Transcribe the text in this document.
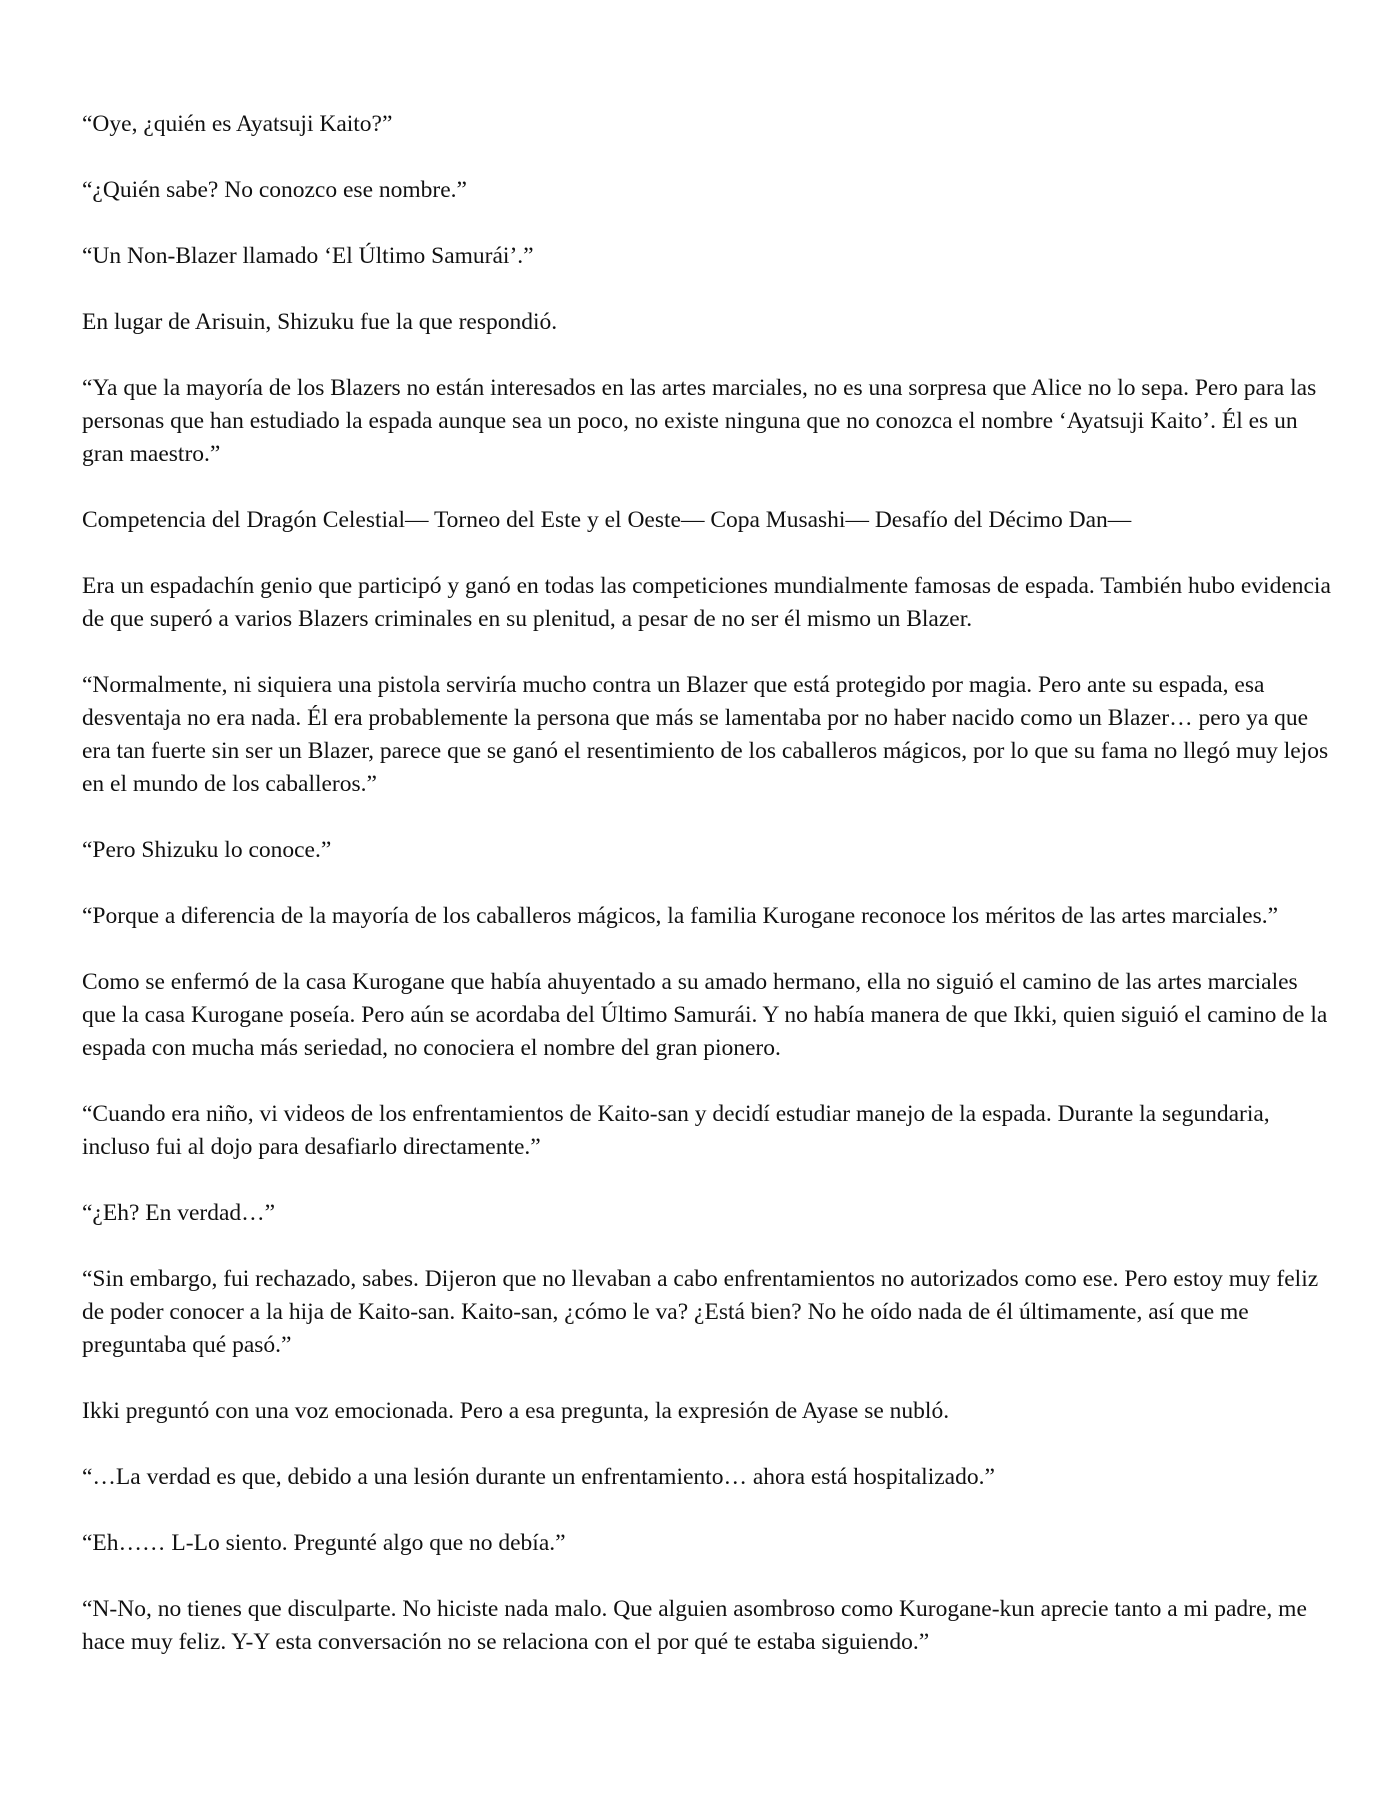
“Oye, ¿quién es Ayatsuji Kaito?”

“¿Quién sabe? No conozco ese nombre.”

“Un Non-Blazer llamado ‘El Último Samurái’.”

En lugar de Arisuin, Shizuku fue la que respondió.

“Ya que la mayoría de los Blazers no están interesados en las artes marciales, no es una sorpresa que Alice no lo sepa. Pero para las personas que han estudiado la espada aunque sea un poco, no existe ninguna que no conozca el nombre ‘Ayatsuji Kaito’. Él es un gran maestro.”

Competencia del Dragón Celestial— Torneo del Este y el Oeste— Copa Musashi— Desafío del Décimo Dan—

Era un espadachín genio que participó y ganó en todas las competiciones mundialmente famosas de espada. También hubo evidencia de que superó a varios Blazers criminales en su plenitud, a pesar de no ser él mismo un Blazer.

“Normalmente, ni siquiera una pistola serviría mucho contra un Blazer que está protegido por magia. Pero ante su espada, esa desventaja no era nada. Él era probablemente la persona que más se lamentaba por no haber nacido como un Blazer… pero ya que era tan fuerte sin ser un Blazer, parece que se ganó el resentimiento de los caballeros mágicos, por lo que su fama no llegó muy lejos en el mundo de los caballeros.”

“Pero Shizuku lo conoce.”

“Porque a diferencia de la mayoría de los caballeros mágicos, la familia Kurogane reconoce los méritos de las artes marciales.”

Como se enfermó de la casa Kurogane que había ahuyentado a su amado hermano, ella no siguió el camino de las artes marciales que la casa Kurogane poseía. Pero aún se acordaba del Último Samurái. Y no había manera de que Ikki, quien siguió el camino de la espada con mucha más seriedad, no conociera el nombre del gran pionero.

“Cuando era niño, vi videos de los enfrentamientos de Kaito-san y decidí estudiar manejo de la espada. Durante la segundaria, incluso fui al dojo para desafiarlo directamente.”

“¿Eh? En verdad…”

“Sin embargo, fui rechazado, sabes. Dijeron que no llevaban a cabo enfrentamientos no autorizados como ese. Pero estoy muy feliz de poder conocer a la hija de Kaito-san. Kaito-san, ¿cómo le va? ¿Está bien? No he oído nada de él últimamente, así que me preguntaba qué pasó.”

Ikki preguntó con una voz emocionada. Pero a esa pregunta, la expresión de Ayase se nubló.

“…La verdad es que, debido a una lesión durante un enfrentamiento… ahora está hospitalizado.”

“Eh…… L-Lo siento. Pregunté algo que no debía.”

“N-No, no tienes que disculparte. No hiciste nada malo. Que alguien asombroso como Kurogane-kun aprecie tanto a mi padre, me hace muy feliz. Y-Y esta conversación no se relaciona con el por qué te estaba siguiendo.”
